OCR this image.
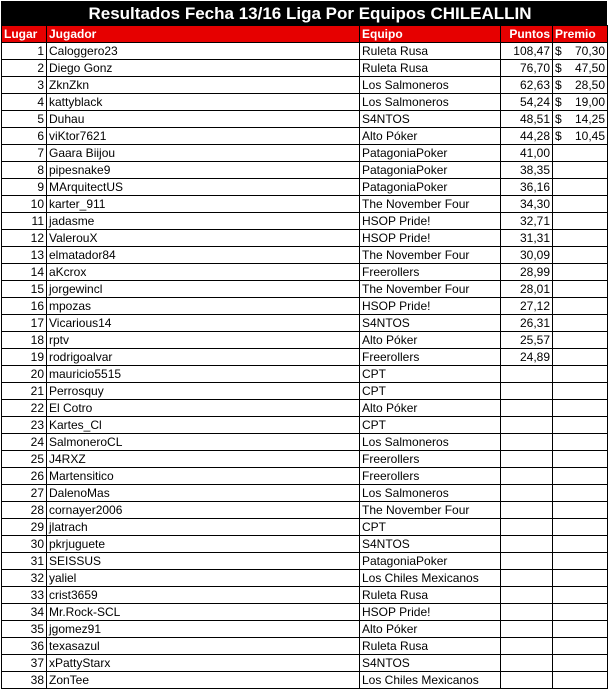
Resultados Fecha 13/16 Liga Por Equipos CHILEALLIN
Lugar	Jugador	Equipo	Puntos	Premio
1	Caloggero23	Ruleta Rusa	108,47	$ 70,30

2	Diego Gonz	Ruleta Rusa	76,70	$ 47,50

3	ZknZkn	Los Salmoneros	62,63	$ 28,50

4	kattyblack	Los Salmoneros	54,24	$ 19,00

5	Duhau	S4NTOS	48,51	$ 14,25

6	viKtor7621	Alto Póker	44,28	$ 10,45

7	Gaara Biijou	PatagoniaPoker	41,00	
8	pipesnake9	PatagoniaPoker	38,35	
9	MArquitectUS	PatagoniaPoker	36,16	
10	karter_911	The November Four	34,30	
11	jadasme	HSOP Pride!	32,71	
12	ValerouX	HSOP Pride!	31,31	
13	elmatador84	The November Four	30,09	
14	aKcrox	Freerollers	28,99	
15	jorgewincl	The November Four	28,01	
16	mpozas	HSOP Pride!	27,12	
17	Vicarious14	S4NTOS	26,31	
18	rptv	Alto Póker	25,57	
19	rodrigoalvar	Freerollers	24,89	
20	mauricio5515	CPT		
21	Perrosquy	CPT		
22	El Cotro	Alto Póker		
23	Kartes_Cl	CPT		
24	SalmoneroCL	Los Salmoneros		
25	J4RXZ	Freerollers		
26	Martensitico	Freerollers		
27	DalenoMas	Los Salmoneros		
28	cornayer2006	The November Four		
29	jlatrach	CPT		
30	pkrjuguete	S4NTOS		
31	SEISSUS	PatagoniaPoker		
32	yaliel	Los Chiles Mexicanos		
33	crist3659	Ruleta Rusa		
34	Mr.Rock-SCL	HSOP Pride!		
35	jgomez91	Alto Póker		
36	texasazul	Ruleta Rusa		
37	xPattyStarx	S4NTOS		
38	ZonTee	Los Chiles Mexicanos		
